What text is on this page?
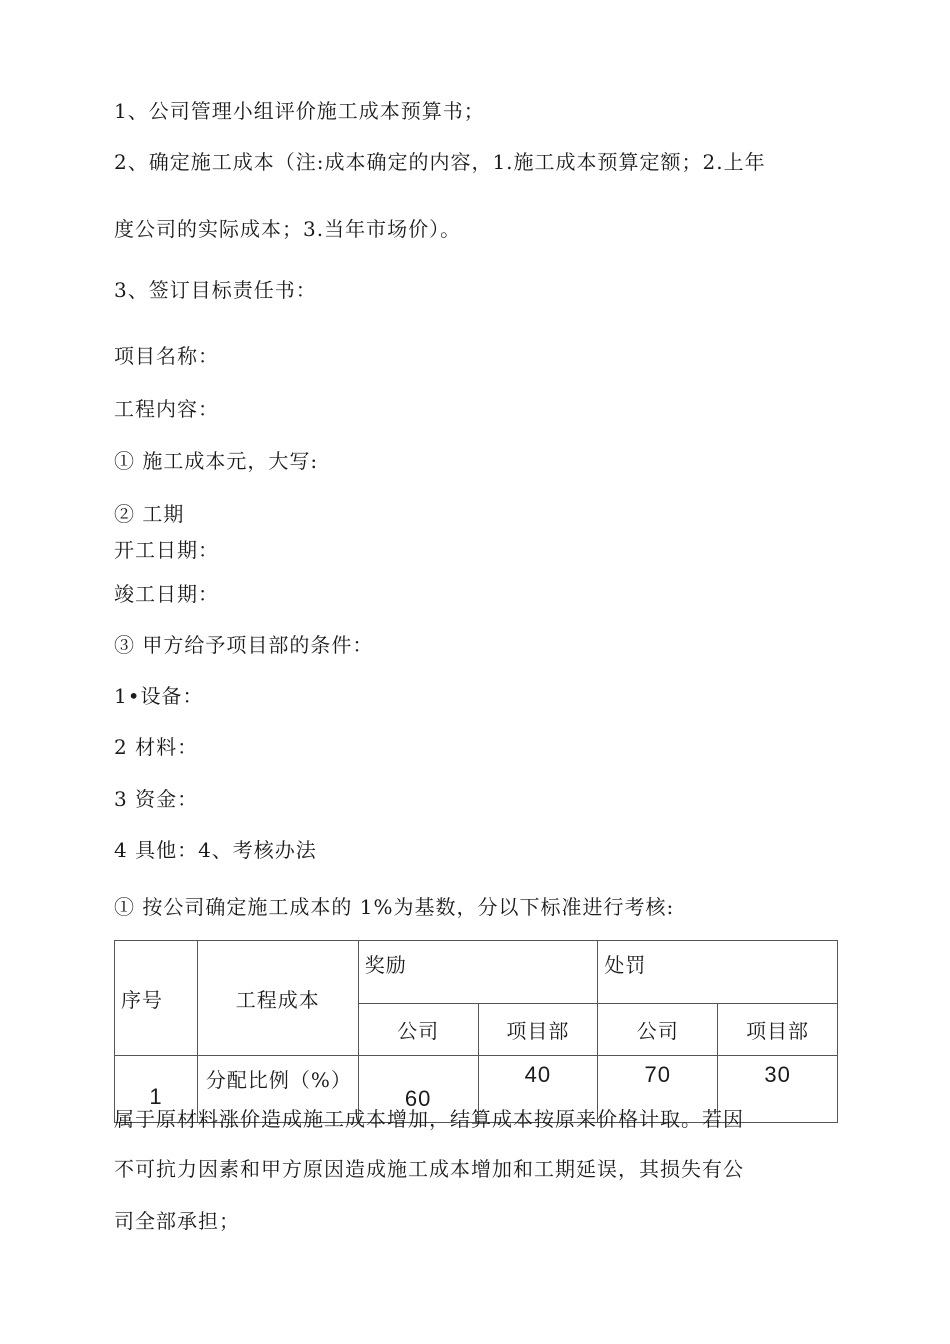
1、公司管理小组评价施工成本预算书；
2、确定施工成本（注:成本确定的内容，1.施工成本预算定额；2.上年
度公司的实际成本；3.当年市场价）。
3、签订目标责任书：
项目名称：
工程内容：
① 施工成本元，大写:
② 工期
开工日期：
竣工日期：
③ 甲方给予项目部的条件：
1•设备：
2 材料：
3 资金：
4 具他：4、考核办法
① 按公司确定施工成本的 1%为基数，分以下标准进行考核:
序号	工程成本	奖励		处罚	
		公司	项目部	公司	项目部
1	分配比例（%）	60	40	70	30
属于原材料涨价造成施工成本增加，结算成本按原来价格计取。若因
不可抗力因素和甲方原因造成施工成本增加和工期延误，其损失有公
司全部承担；
